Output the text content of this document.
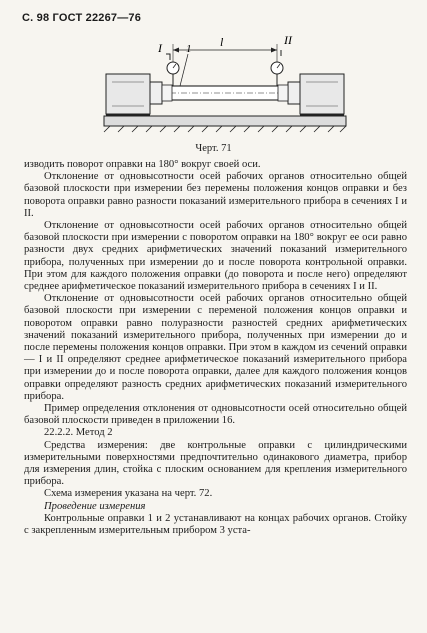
С. 98 ГОСТ 22267—76
I 1 l	II
Черт. 71

изводить поворот оправки на 180° вокруг своей оси.

Отклонение от одновысотности осей рабочих органов относительно общей базовой плоскости при измерении без перемены положения концов оправки и без поворота оправки равно разности показаний измерительного прибора в сечениях I и II.

Отклонение от одновысотности осей рабочих органов относительно общей базовой плоскости при измерении с поворотом оправки на 180° вокруг ее оси равно разности двух средних арифметических значений показаний измерительного прибора, полученных при измерении до и после поворота контрольной оправки. При этом для каждого положения оправки (до поворота и после него) определяют среднее арифметическое показаний измерительного прибора в сечениях I и II.

Отклонение от одновысотности осей рабочих органов относительно общей базовой плоскости при измерении с переменой положения концов оправки и поворотом оправки равно полуразности разностей средних арифметических значений показаний измерительного прибора, полученных при измерении до и после перемены положения концов оправки. При этом в каждом из сечений оправки — I и II определяют среднее арифметическое показаний измерительного прибора при измерении до и после поворота оправки, далее для каждого положения концов оправки определяют разность средних арифметических показаний измерительного прибора.

Пример определения отклонения от одновысотности осей относительно общей базовой плоскости приведен в приложении 16.

22.2.2. Метод 2

Средства измерения: две контрольные оправки с цилиндрическими измерительными поверхностями предпочтительно одинакового диаметра, прибор для измерения длин, стойка с плоским основанием для крепления измерительного прибора.

Схема измерения указана на черт. 72.

Проведение измерения

Контрольные оправки 1 и 2 устанавливают на концах рабочих органов. Стойку с закрепленным измерительным прибором 3 уста-
